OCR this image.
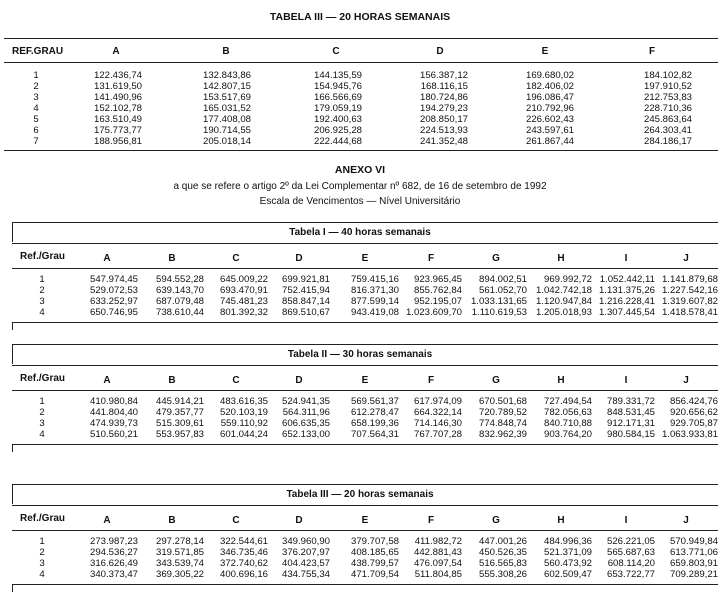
TABELA III — 20 HORAS SEMANAIS
REF.GRAU	A	B	C	D	E	F
1	122.436,74	132.843,86	144.135,59	156.387,12	169.680,02	184.102,82
2	131.619,50	142.807,15	154.945,76	168.116,15	182.406,02	197.910,52
3	141.490,96	153.517,69	166.566,69	180.724,86	196.086,47	212.753,83
4	152.102,78	165.031,52	179.059,19	194.279,23	210.792,96	228.710,36
5	163.510,49	177.408,08	192.400,63	208.850,17	226.602,43	245.863,64
6	175.773,77	190.714,55	206.925,28	224.513,93	243.597,61	264.303,41
7	188.956,81	205.018,14	222.444,68	241.352,48	261.867,44	284.186,17
ANEXO VI
a que se refere o artigo 2º da Lei Complementar nº 682, de 16 de setembro de 1992
Escala de Vencimentos — Nível Universitário
Tabela I — 40 horas semanais
Ref./Grau	A	B	C	D	E	F	G	H	I	J
1	547.974,45 594.552,28 645.009,22 699.921,81 759.415,16 923.965,45 894.002,51 969.992,72 1.052.442,11 1.141.879,68
2	529.072,53 639.143,70 693.470,91 752.415,94 816.371,30 855.762,84 561.052,70 1.042.742,18 1.131.375,26 1.227.542,16
3	633.252,97 687.079,48 745.481,23 858.847,14 877.599,14 952.195,07 1.033.131,65 1.120.947,84 1.216.228,41 1.319.607,82
4	650.746,95 738.610,44 801.392,32 869.510,67 943.419,08 1.023.609,70 1.110.619,53 1.205.018,93 1.307.445,54 1.418.578,41
Tabela II — 30 horas semanais
Ref./Grau	A	B	C	D	E	F	G	H	I	J
1	410.980,84 445.914,21 483.616,35 524.941,35 569.561,37 617.974,09 670.501,68 727.494,54 789.331,72 856.424,76
2	441.804,40 479.357,77 520.103,19 564.311,96 612.278,47 664.322,14 720.789,52 782.056,63 848.531,45 920.656,62
3	474.939,73 515.309,61 559.110,92 606.635,35 658.199,36 714.146,30 774.848,74 840.710,88 912.171,31 929.705,87
4	510.560,21 553.957,83 601.044,24 652.133,00 707.564,31 767.707,28 832.962,39 903.764,20 980.584,15 1.063.933,81
Tabela III — 20 horas semanais
Ref./Grau	A	B	C	D	E	F	G	H	I	J
1	273.987,23 297.278,14 322.544,61 349.960,90 379.707,58 411.982,72 447.001,26 484.996,36 526.221,05 570.949,84
2	294.536,27 319.571,85 346.735,46 376.207,97 408.185,65 442.881,43 450.526,35 521.371,09 565.687,63 613.771,06
3	316.626,49 343.539,74 372.740,62 404.423,57 438.799,57 476.097,54 516.565,83 560.473,92 608.114,20 659.803,91
4	340.373,47 369.305,22 400.696,16 434.755,34 471.709,54 511.804,85 555.308,26 602.509,47 653.722,77 709.289,21
